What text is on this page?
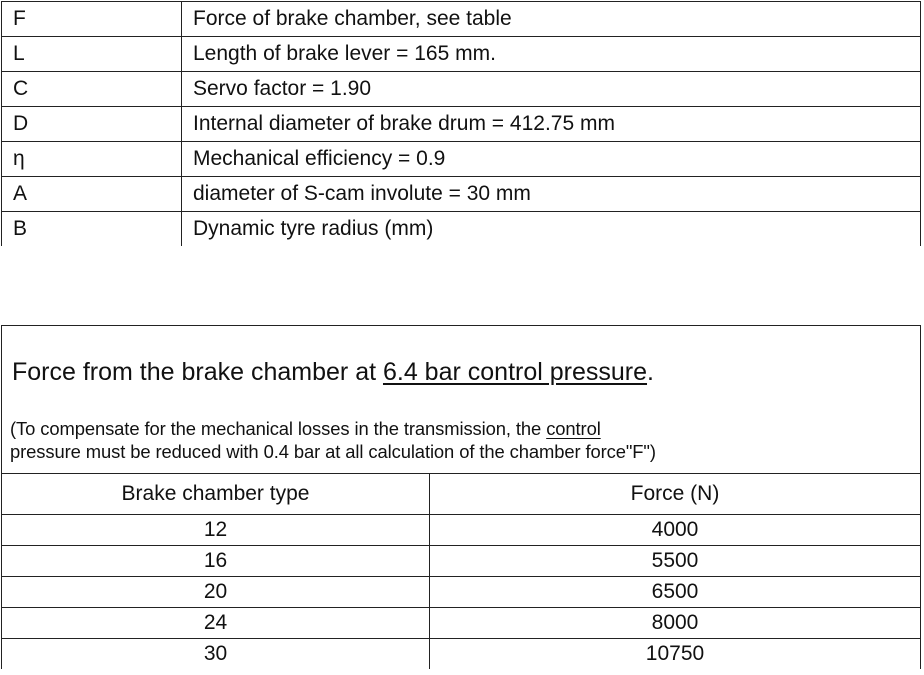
F	Force of brake chamber, see table
L	Length of brake lever = 165 mm.
C	Servo factor = 1.90
D	Internal diameter of brake drum = 412.75 mm
η	Mechanical efficiency = 0.9
A	diameter of S-cam involute = 30 mm
B	Dynamic tyre radius (mm)
Force from the brake chamber at 6.4 bar control pressure.
(To compensate for the mechanical losses in the transmission, the control
pressure must be reduced with 0.4 bar at all calculation of the chamber force"F")
Brake chamber type	Force (N)
12	4000
16	5500
20	6500
24	8000
30	10750
